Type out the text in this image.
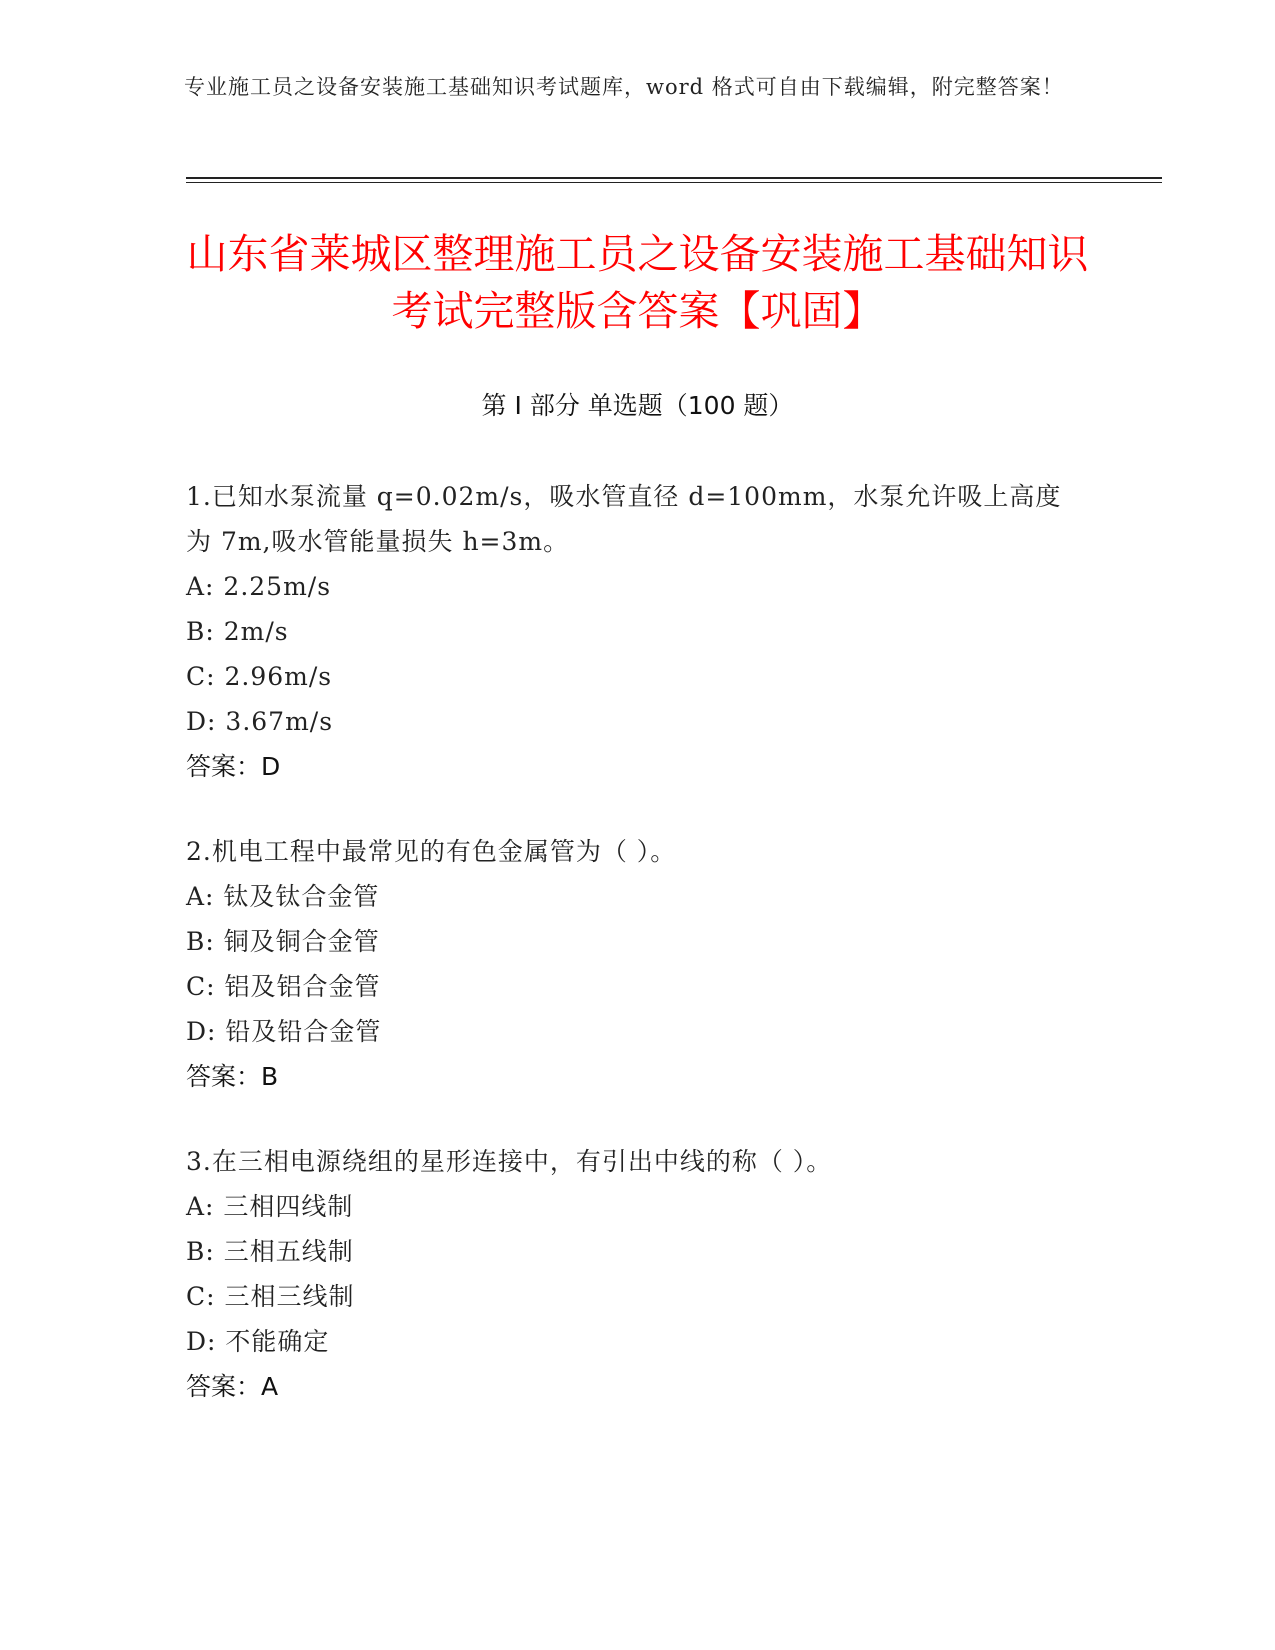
专业施工员之设备安装施工基础知识考试题库，word 格式可自由下载编辑，附完整答案！
山东省莱城区整理施工员之设备安装施工基础知识考试完整版含答案【巩固】
第 I 部分 单选题（100 题）
1.已知水泵流量 q=0.02m/s，吸水管直径 d=100mm，水泵允许吸上高度为 7m,吸水管能量损失 h=3m。
A: 2.25m/s
B: 2m/s
C: 2.96m/s
D: 3.67m/s
答案：D
2.机电工程中最常见的有色金属管为（ ）。
A: 钛及钛合金管
B: 铜及铜合金管
C: 铝及铝合金管
D: 铅及铅合金管
答案：B
3.在三相电源绕组的星形连接中，有引出中线的称（ ）。
A: 三相四线制
B: 三相五线制
C: 三相三线制
D: 不能确定
答案：A
